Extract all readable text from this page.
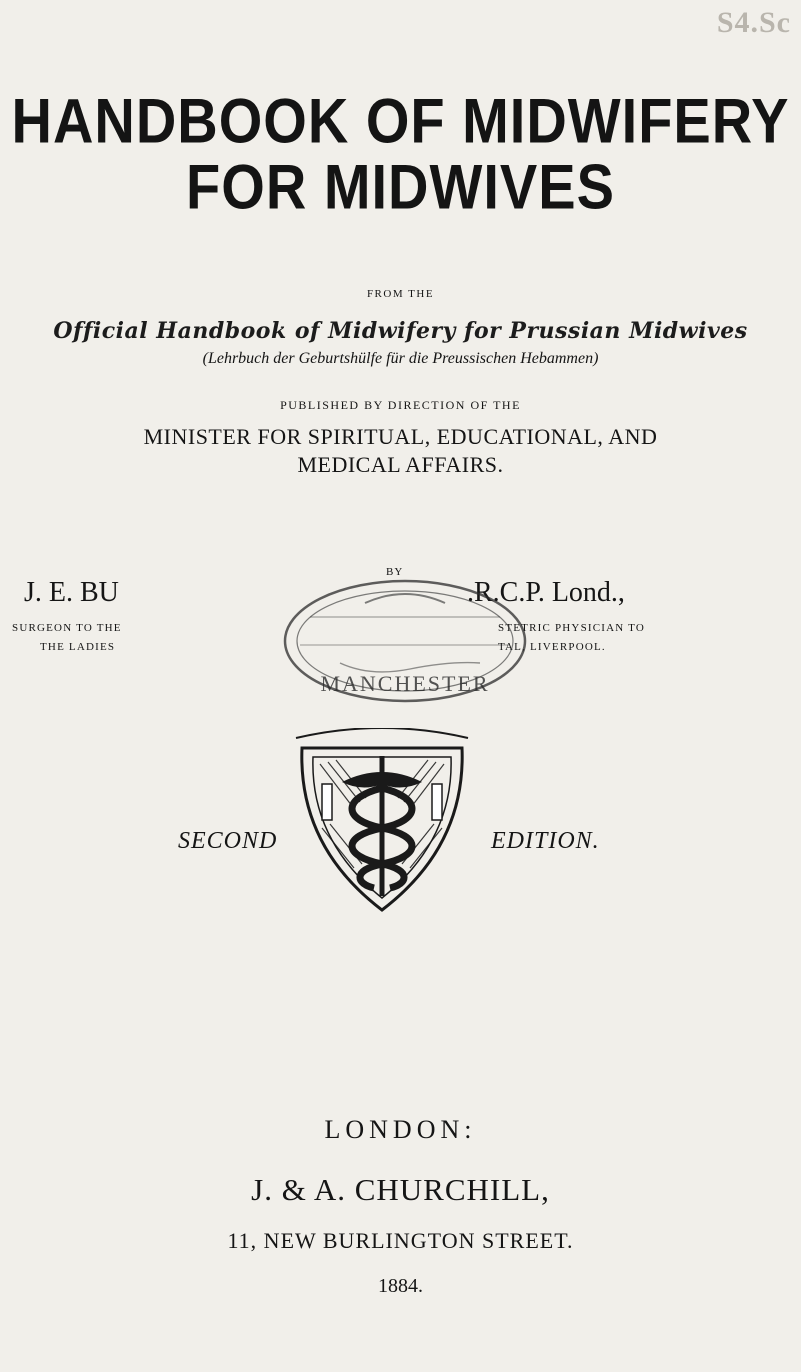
S4.Sc
HANDBOOK OF MIDWIFERY
FOR MIDWIVES
FROM THE
Official Handbook of Midwifery for Prussian Midwives
(Lehrbuch der Geburtshülfe für die Preussischen Hebammen)
PUBLISHED BY DIRECTION OF THE
MINISTER FOR SPIRITUAL, EDUCATIONAL, AND
MEDICAL AFFAIRS.
BY
J. E. BU	.R.C.P. Lond.,
SURGEON TO THE
THE LADIES
STETRIC PHYSICIAN TO
TAL, LIVERPOOL.
MANCHESTER
SECOND	EDITION.
LONDON:
J. & A. CHURCHILL,
11, NEW BURLINGTON STREET.
1884.
